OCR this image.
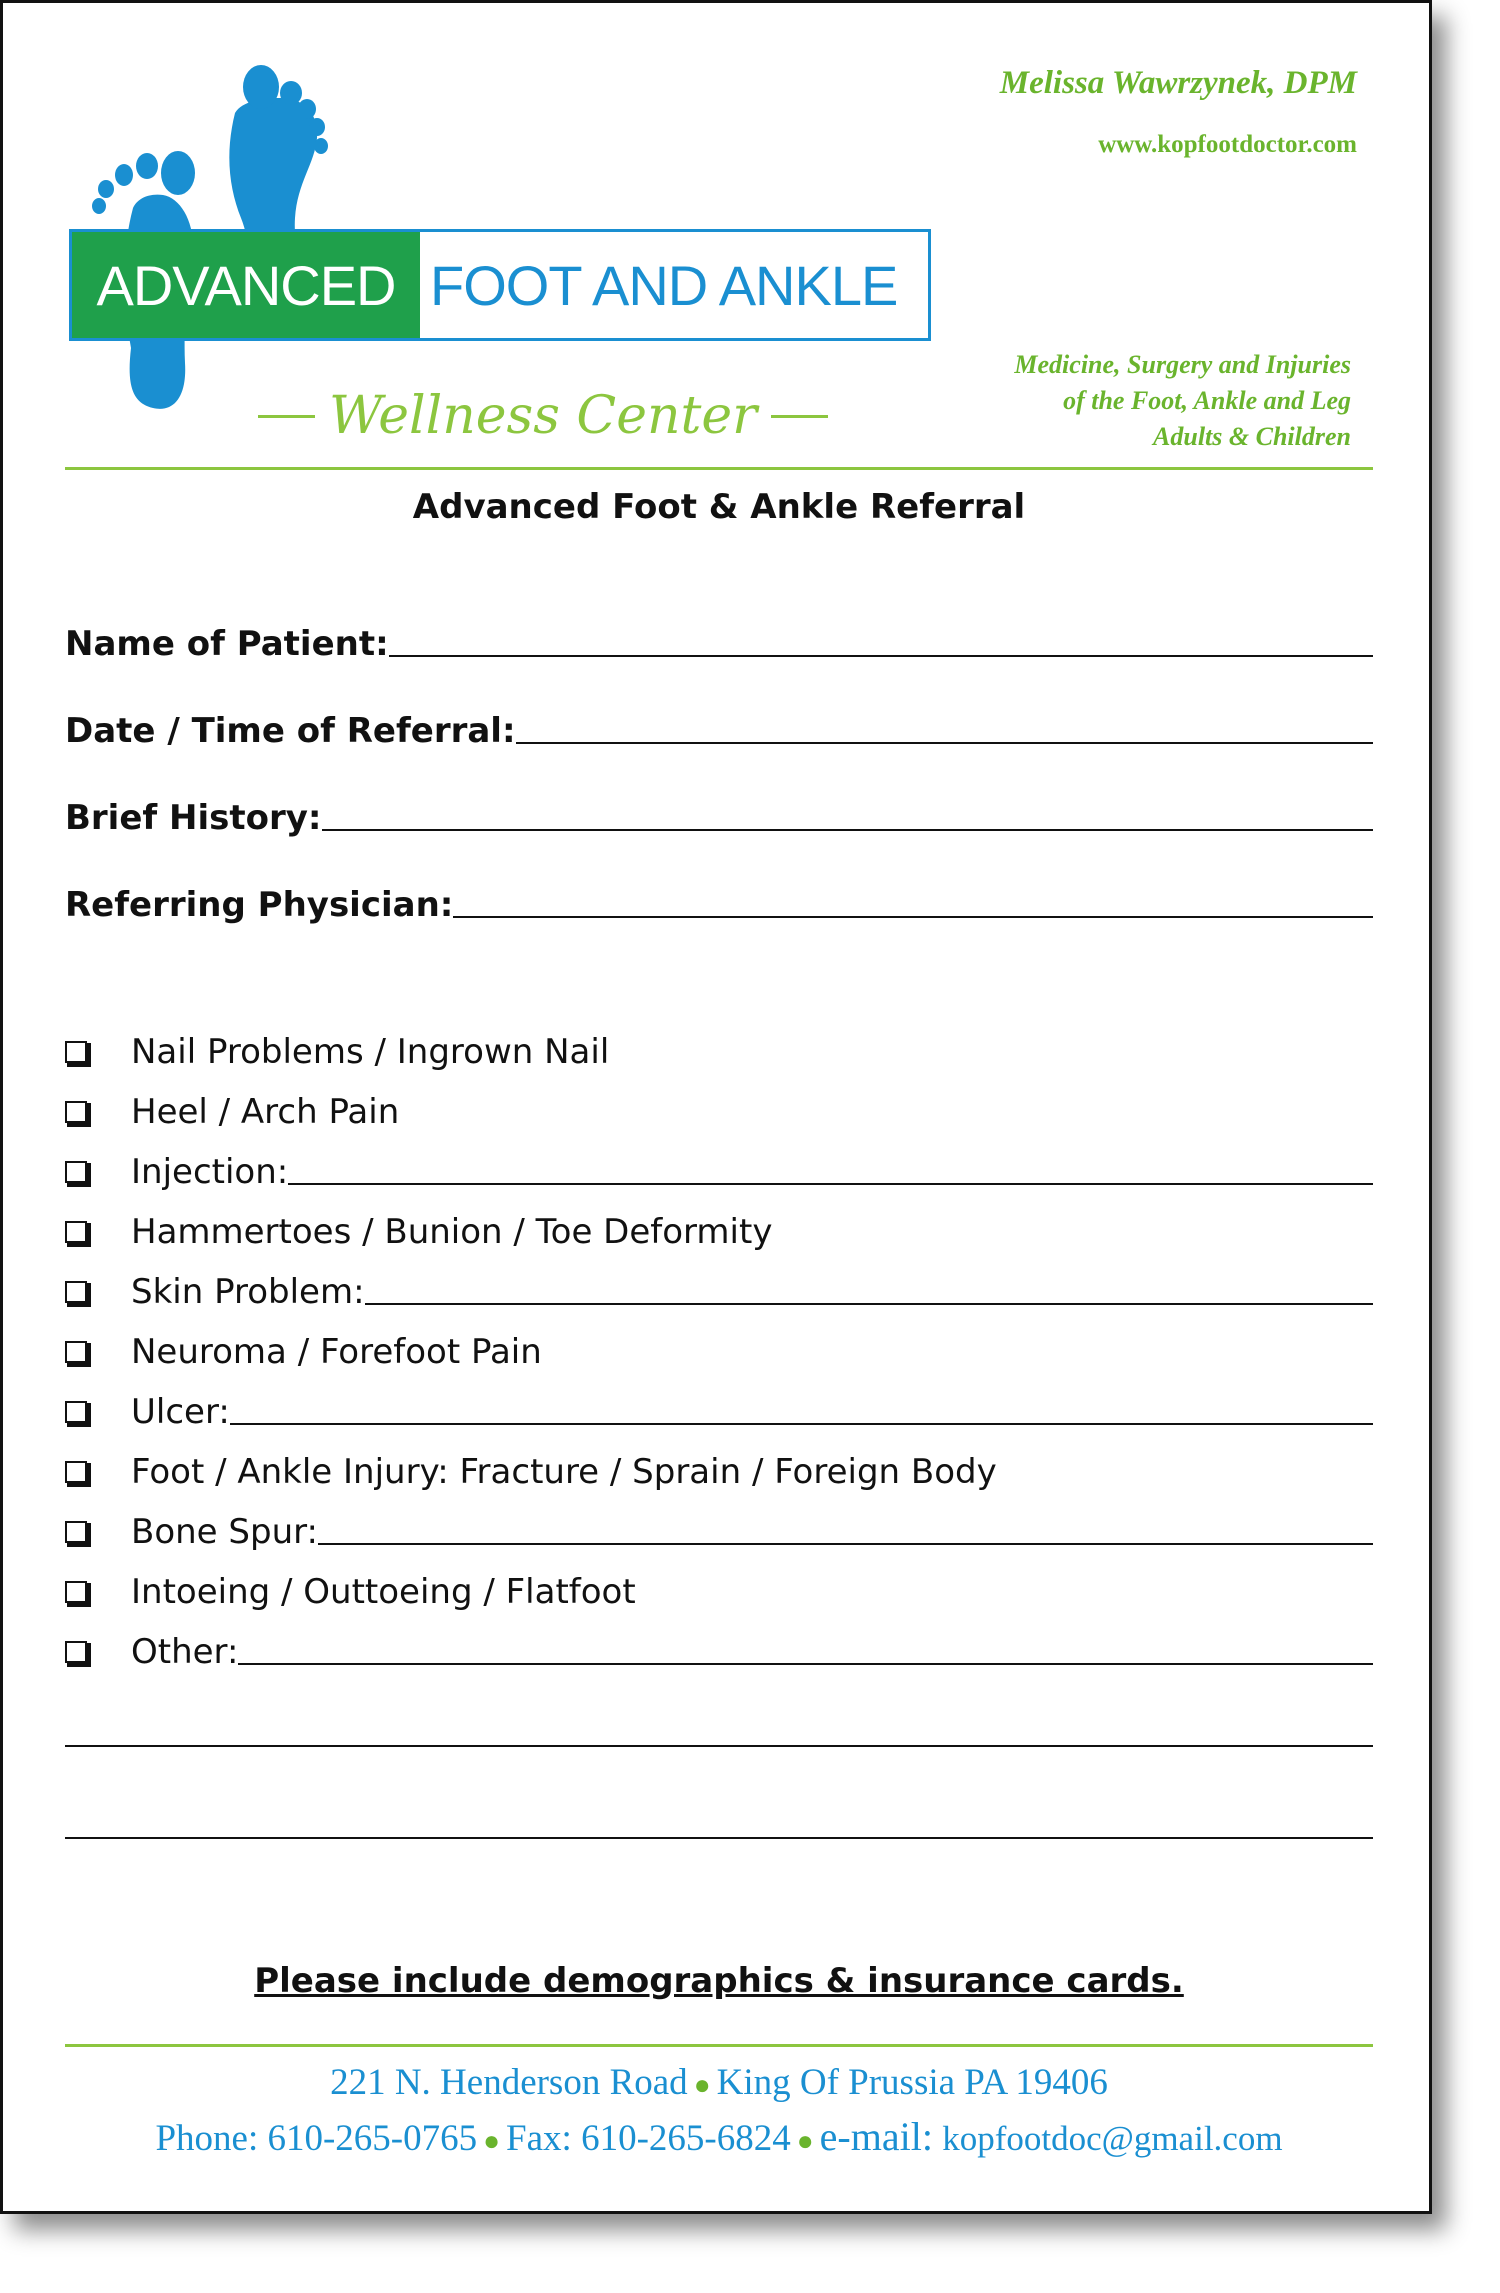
ADVANCED FOOT AND ANKLE
Wellness Center
Melissa Wawrzynek, DPM
www.kopfootdoctor.com
Medicine, Surgery and Injuries
of the Foot, Ankle and Leg
Adults & Children
Advanced Foot & Ankle Referral
Name of Patient:
Date / Time of Referral:
Brief History:
Referring Physician:
Nail Problems / Ingrown Nail
Heel / Arch Pain
Injection:
Hammertoes / Bunion / Toe Deformity
Skin Problem:
Neuroma / Forefoot Pain
Ulcer:
Foot / Ankle Injury: Fracture / Sprain / Foreign Body
Bone Spur:
Intoeing / Outtoeing / Flatfoot
Other:
Please include demographics & insurance cards.
221 N. Henderson Road ● King Of Prussia PA 19406
Phone: 610-265-0765 ● Fax: 610-265-6824 ● e-mail: kopfootdoc@gmail.com
